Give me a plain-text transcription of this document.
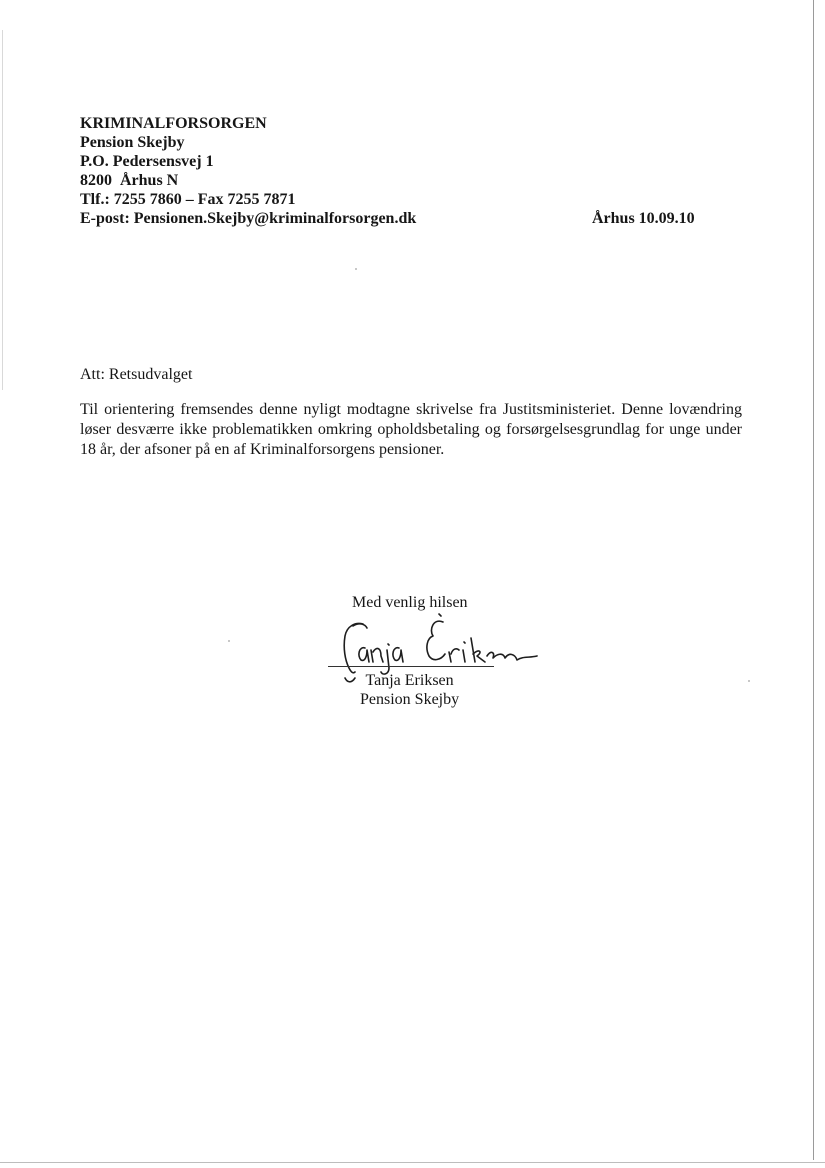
KRIMINALFORSORGEN
Pension Skejby
P.O. Pedersensvej 1
8200  Århus N
Tlf.: 7255 7860 – Fax 7255 7871
E-post: Pensionen.Skejby@kriminalforsorgen.dk	Århus 10.09.10
Att: Retsudvalget
Til orientering fremsendes denne nyligt modtagne skrivelse fra Justitsministeriet. Denne lovændring løser desværre ikke problematikken omkring opholdsbetaling og forsørgelsesgrundlag for unge under 18 år, der afsoner på en af Kriminalforsorgens pensioner.
Med venlig hilsen
Tanja Eriksen
Pension Skejby
